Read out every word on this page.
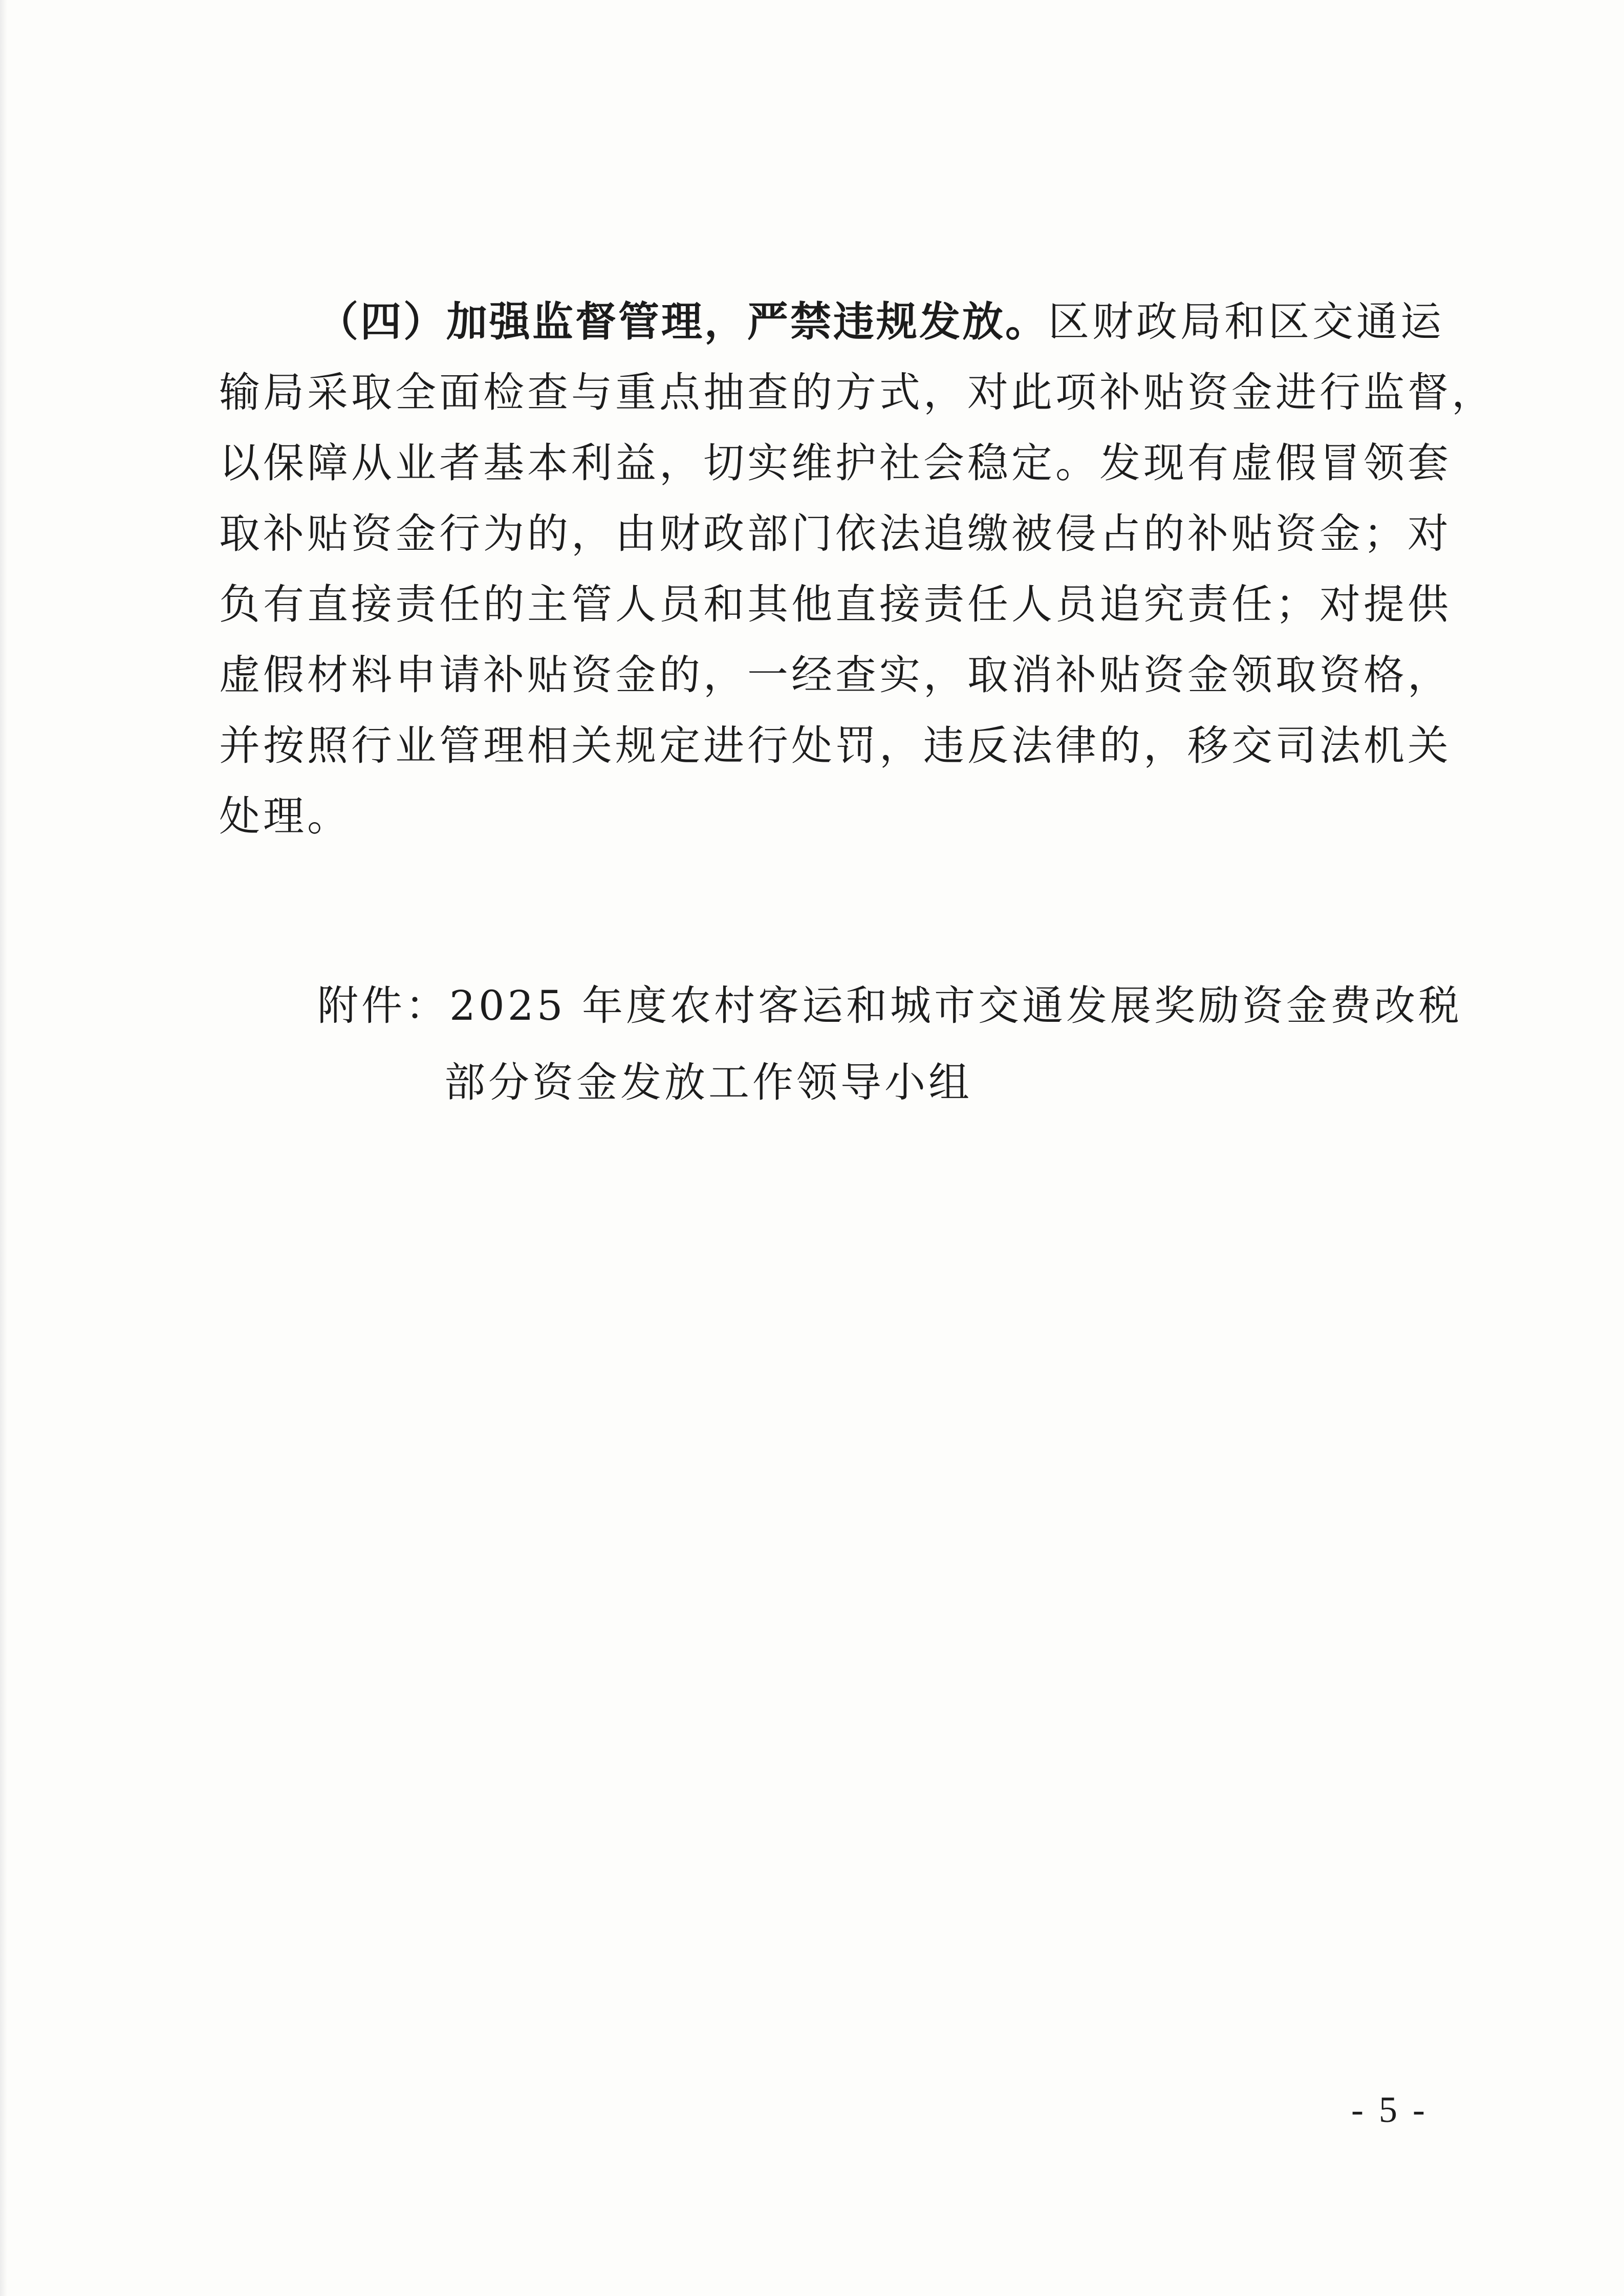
（四）加强监督管理，严禁违规发放。区财政局和区交通运
输局采取全面检查与重点抽查的方式，对此项补贴资金进行监督，
以保障从业者基本利益，切实维护社会稳定。发现有虚假冒领套
取补贴资金行为的，由财政部门依法追缴被侵占的补贴资金；对
负有直接责任的主管人员和其他直接责任人员追究责任；对提供
虚假材料申请补贴资金的，一经查实，取消补贴资金领取资格，
并按照行业管理相关规定进行处罚，违反法律的，移交司法机关
处理。
附件：2025 年度农村客运和城市交通发展奖励资金费改税
部分资金发放工作领导小组
- 5 -
